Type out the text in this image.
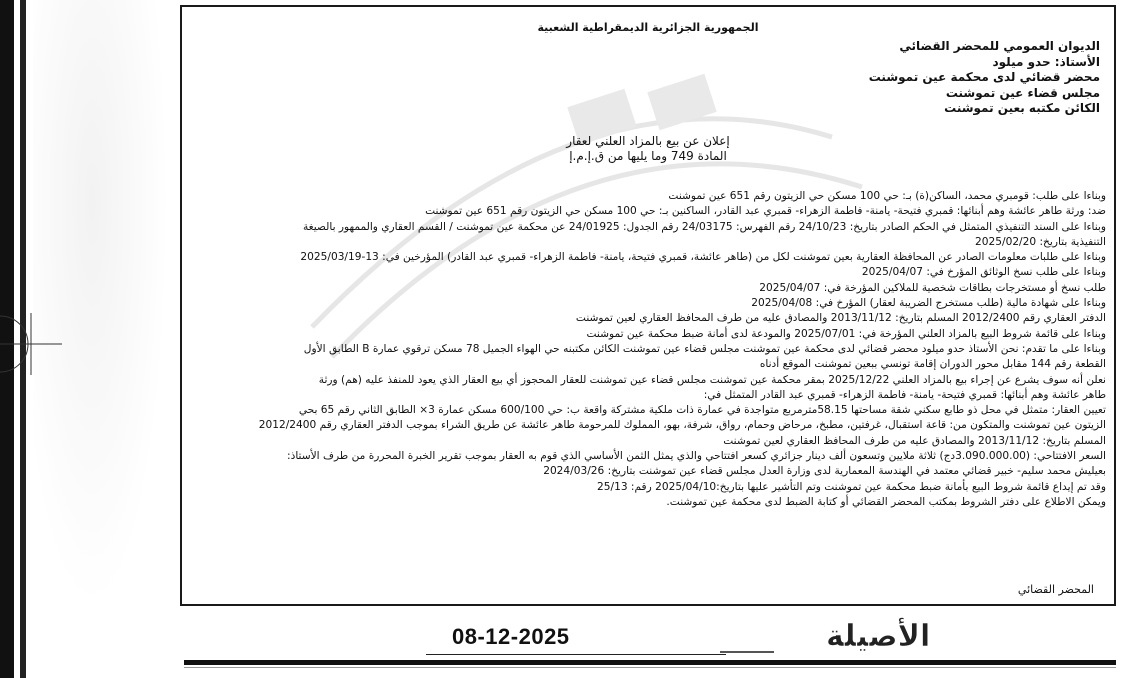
الجمهورية الجزائرية الديمقراطية الشعبية
الديوان العمومي للمحضر القضائي
الأستاذ: حدو ميلود
محضر قضائي لدى محكمة عين تموشنت
مجلس قضاء عين تموشنت
الكائن مكتبه بعين تموشنت
إعلان عن بيع بالمزاد العلني لعقار
المادة 749 وما يليها من ق.إ.م.إ

وبناءا على طلب: قومبري محمد، الساكن(ة) بـ: حي 100 مسكن حي الزيتون رقم 651 عين تموشنت

ضد: ورثة طاهر عائشة وهم أبنائها: قمبري فتيحة- يامنة- فاطمة الزهراء- قمبري عبد القادر، الساكنين بـ: حي 100 مسكن حي الزيتون رقم 651 عين تموشنت

وبناءا على السند التنفيذي المتمثل في الحكم الصادر بتاريخ: 24/10/23 رقم الفهرس: 24/03175 رقم الجدول: 24/01925 عن محكمة عين تموشنت / القسم العقاري والممهور بالصيغة

التنفيذية بتاريخ: 2025/02/20

وبناءا على طلبات معلومات الصادر عن المحافظة العقارية بعين تموشنت لكل من (طاهر عائشة، قمبري فتيحة، يامنة- فاطمة الزهراء- قمبري عبد القادر) المؤرخين في: 13-2025/03/19

وبناءا على طلب نسخ الوثائق المؤرخ في: 2025/04/07

طلب نسخ أو مستخرجات بطاقات شخصية للملاكين المؤرخة في: 2025/04/07

وبناءا على شهادة مالية (طلب مستخرج الضريبة لعقار) المؤرخ في: 2025/04/08

الدفتر العقاري رقم 2012/2400 المسلم بتاريخ: 2013/11/12 والمصادق عليه من طرف المحافظ العقاري لعين تموشنت

وبناءا على قائمة شروط البيع بالمزاد العلني المؤرخة في: 2025/07/01 والمودعة لدى أمانة ضبط محكمة عين تموشنت

وبناءا على ما تقدم: نحن الأستاذ حدو ميلود محضر قضائي لدى محكمة عين تموشنت مجلس قضاء عين تموشنت الكائن مكتبنه حي الهواء الجميل 78 مسكن ترقوي عمارة B الطابق الأول

القطعة رقم 144 مقابل محور الدوران إقامة تونسي ببعين تموشنت الموقع أدناه

نعلن أنه سوف يشرع عن إجراء بيع بالمزاد العلني 2025/12/22 بمقر محكمة عين تموشنت مجلس قضاء عين تموشنت للعقار المحجوز أي بيع العقار الذي يعود للمنفذ عليه (هم) ورثة

طاهر عائشة وهم أبنائها: قمبري فتيحة- يامنة- فاطمة الزهراء- قمبري عبد القادر المتمثل في:

تعيين العقار: متمثل في محل ذو طابع سكني شقة مساحتها 58.15مترمربع متواجدة في عمارة ذات ملكية مشتركة واقعة ب: حي 600/100 مسكن عمارة 3× الطابق الثاني رقم 65 بحي

الزيتون عين تموشنت والمتكون من: قاعة استقبال، غرفتين، مطبخ، مرحاض وحمام، رواق، شرفة، بهو، المملوك للمرحومة طاهر عائشة عن طريق الشراء بموجب الدفتر العقاري رقم 2012/2400

المسلم بتاريخ: 2013/11/12 والمصادق عليه من طرف المحافظ العقاري لعين تموشنت

السعر الافتتاحي: (3.090.000.00دج) ثلاثة ملايين وتسعون ألف دينار جزائري كسعر افتتاحي والذي يمثل الثمن الأساسي الذي قوم به العقار بموجب تقرير الخبرة المحررة من طرف الأستاذ:

بعيليش محمد سليم- خبير قضائي معتمد في الهندسة المعمارية لدى وزارة العدل مجلس قضاء عين تموشنت بتاريخ: 2024/03/26

وقد تم إيداع قائمة شروط البيع بأمانة ضبط محكمة عين تموشنت وتم التأشير عليها بتاريخ:2025/04/10 رقم: 25/13

ويمكن الاطلاع على دفتر الشروط بمكتب المحضر القضائي أو كتابة الضبط لدى محكمة عين تموشنت.

المحضر القضائي
08-12-2025	الأصيلة
